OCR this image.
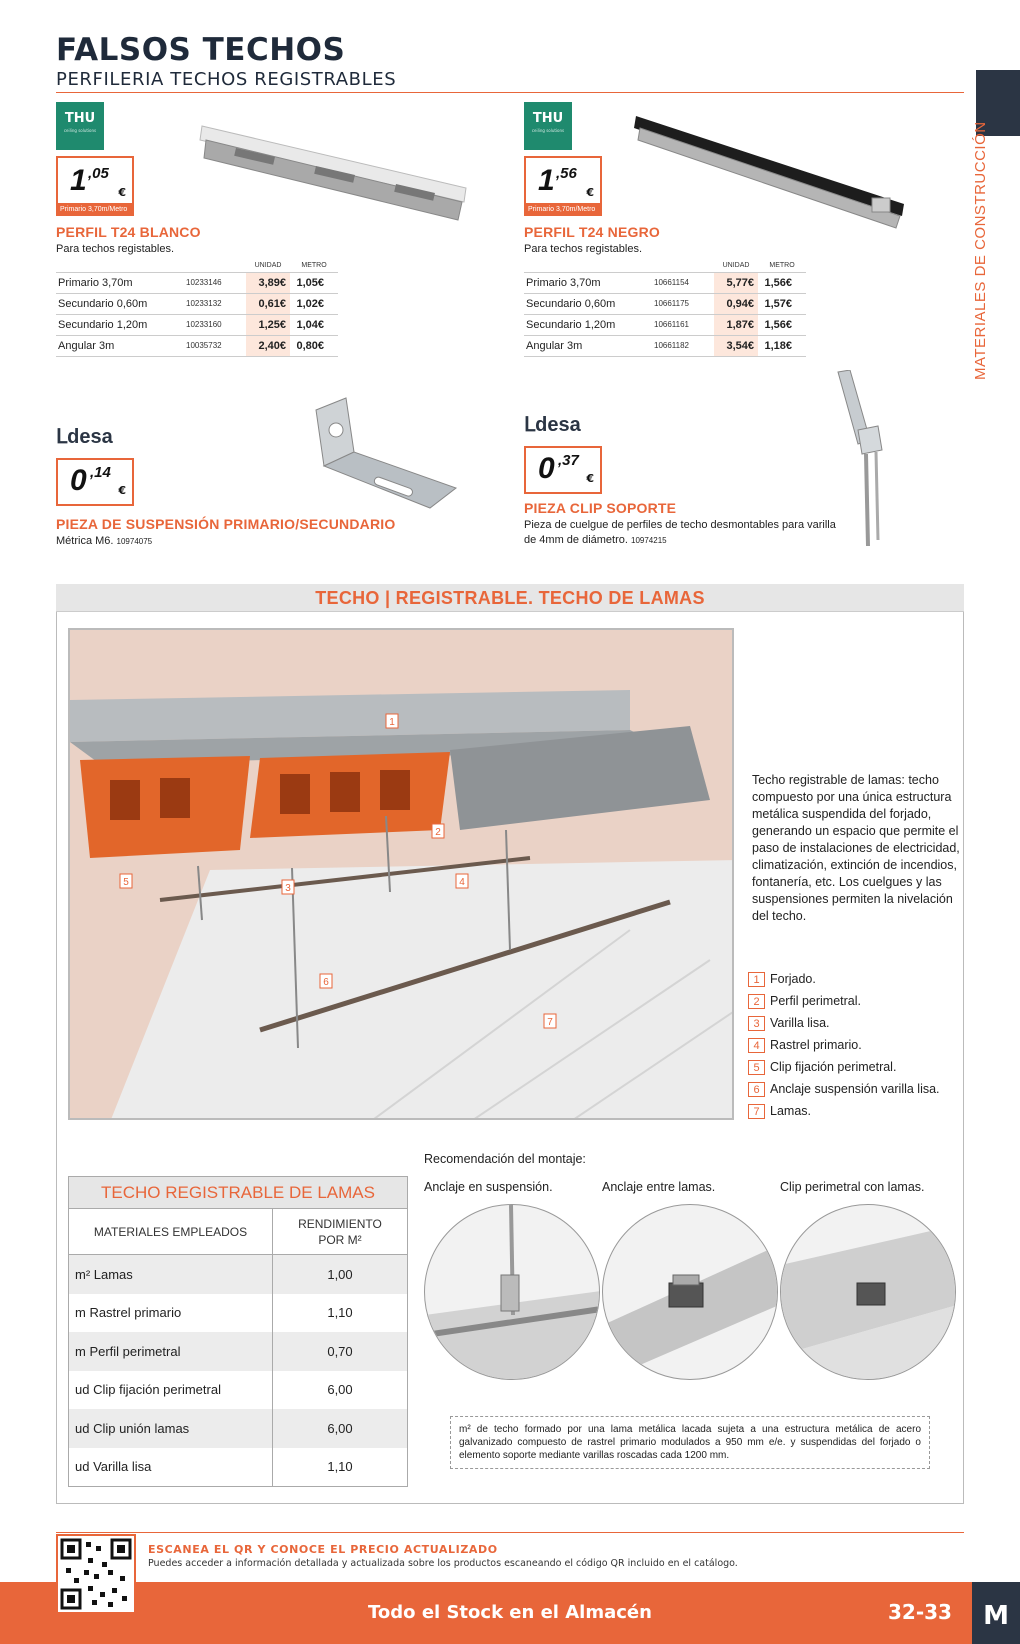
FALSOS TECHOS
PERFILERIA TECHOS REGISTRABLES
MATERIALES DE CONSTRUCCIÓN
THU
ceiling solutions
1 ,05
€
Primario 3,70m/Metro
PERFIL T24 BLANCO
Para techos registables.
		UNIDAD	METRO
Primario 3,70m	10233146	3,89€	1,05€
Secundario 0,60m	10233132	0,61€	1,02€
Secundario 1,20m	10233160	1,25€	1,04€
Angular 3m	10035732	2,40€	0,80€
THU
ceiling solutions
1 ,56
€
Primario 3,70m/Metro
PERFIL T24 NEGRO
Para techos registables.
		UNIDAD	METRO
Primario 3,70m	10661154	5,77€	1,56€
Secundario 0,60m	10661175	0,94€	1,57€
Secundario 1,20m	10661161	1,87€	1,56€
Angular 3m	10661182	3,54€	1,18€
ᒪdesa
0 ,14
€
PIEZA DE SUSPENSIÓN PRIMARIO/SECUNDARIO
Métrica M6. 10974075
ᒪdesa
0 ,37
€
PIEZA CLIP SOPORTE
Pieza de cuelgue de perfiles de techo desmontables para varilla
de 4mm de diámetro. 10974215
TECHO | REGISTRABLE. TECHO DE LAMAS
1
2
3
4
5
6
7
Techo registrable de lamas: techo compuesto por una única estructura metálica suspendida del forjado, generando un espacio que permite el paso de instalaciones de electricidad, climatización, extinción de incendios, fontanería, etc. Los cuelgues y las suspensiones permiten la nivelación del techo.
1 Forjado.
2 Perfil perimetral.
3 Varilla lisa.
4 Rastrel primario.
5 Clip fijación perimetral.
6 Anclaje suspensión varilla lisa.
7 Lamas.
TECHO REGISTRABLE DE LAMAS
MATERIALES EMPLEADOS
RENDIMIENTO
POR M²
m² Lamas	1,00
m Rastrel primario	1,10
m Perfil perimetral	0,70
ud Clip fijación perimetral	6,00
ud Clip unión lamas	6,00
ud Varilla lisa	1,10
Recomendación del montaje:
Anclaje en suspensión.	Anclaje entre lamas.	Clip perimetral con lamas.
m² de techo formado por una lama metálica lacada sujeta a una estructura metálica de acero galvanizado compuesto de rastrel primario modulados a 950 mm e/e. y suspendidas del forjado o elemento soporte mediante varillas roscadas cada 1200 mm.
ESCANEA EL QR Y CONOCE EL PRECIO ACTUALIZADO
Puedes acceder a información detallada y actualizada sobre los productos escaneando el código QR incluido en el catálogo.
Todo el Stock en el Almacén	32-33 M
